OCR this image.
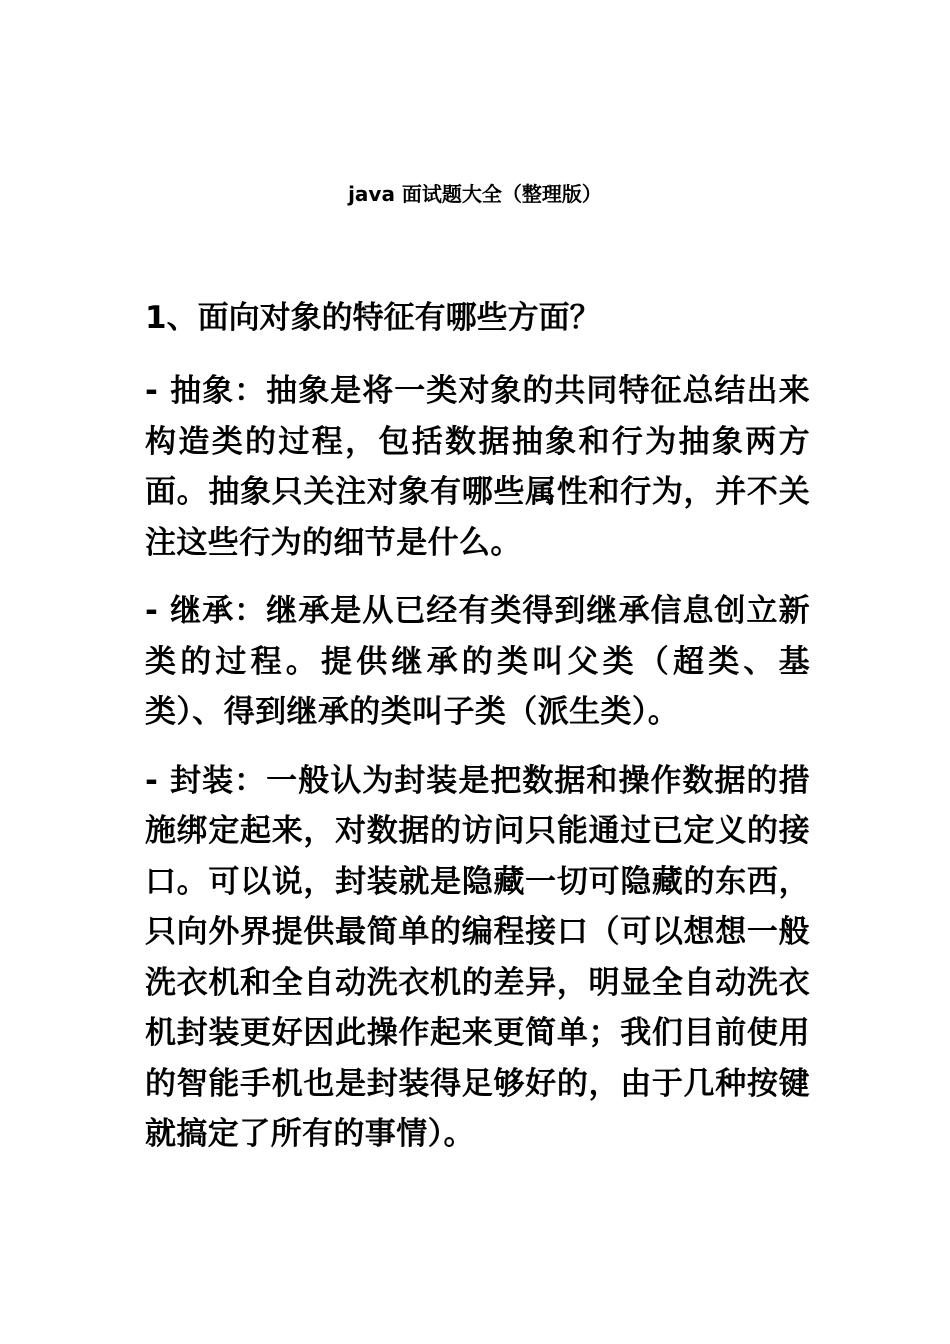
java 面试题大全（整理版）
1、面向对象的特征有哪些方面？

- 抽象：抽象是将一类对象的共同特征总结出来构造类的过程，包括数据抽象和行为抽象两方面。抽象只关注对象有哪些属性和行为，并不关注这些行为的细节是什么。

- 继承：继承是从已经有类得到继承信息创立新类的过程。提供继承的类叫父类（超类、基类）、得到继承的类叫子类（派生类）。

- 封装：一般认为封装是把数据和操作数据的措施绑定起来，对数据的访问只能通过已定义的接口。可以说，封装就是隐藏一切可隐藏的东西，只向外界提供最简单的编程接口（可以想想一般洗衣机和全自动洗衣机的差异，明显全自动洗衣机封装更好因此操作起来更简单；我们目前使用的智能手机也是封装得足够好的，由于几种按键就搞定了所有的事情）。
